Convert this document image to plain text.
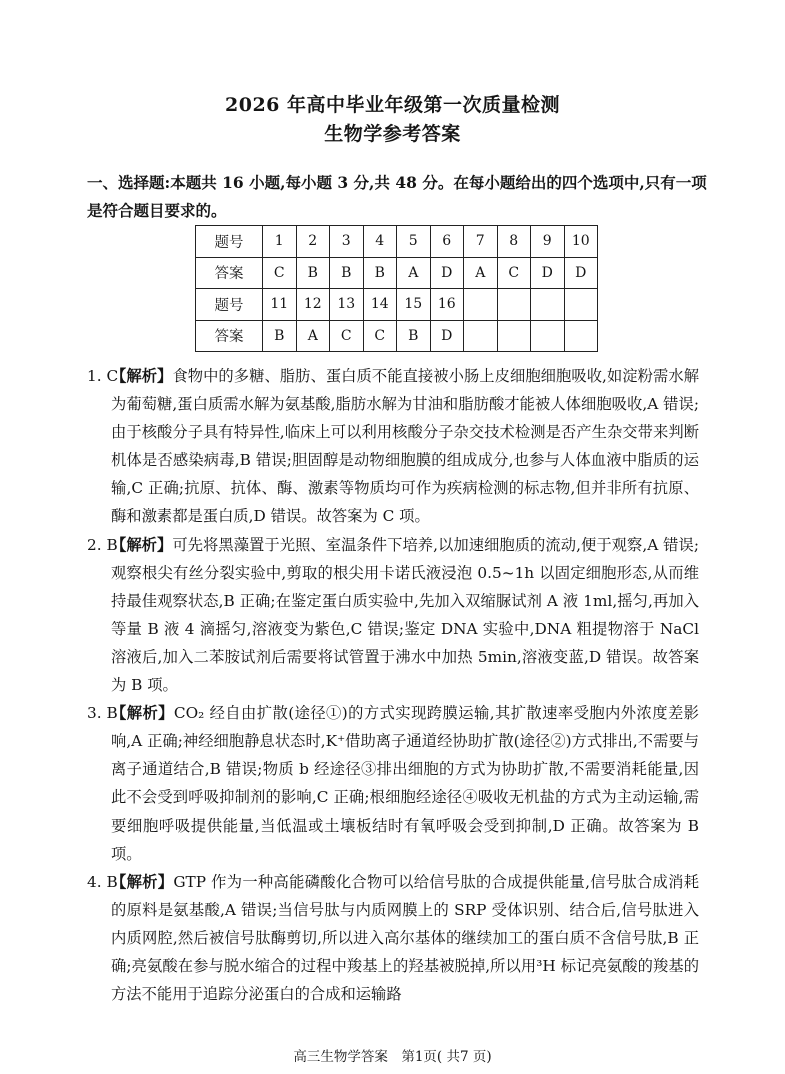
2026 年高中毕业年级第一次质量检测
生物学参考答案
一、选择题:本题共 16 小题,每小题 3 分,共 48 分。在每小题给出的四个选项中,只有一项是符合题目要求的。
题号	1	2	3	4	5	6	7	8	9	10
答案	C	B	B	B	A	D	A	C	D	D
题号	11	12	13	14	15	16				
答案	B	A	C	C	B	D				
1. C
【解析】食物中的多糖、脂肪、蛋白质不能直接被小肠上皮细胞细胞吸收,如淀粉需水解为葡萄糖,蛋白质需水解为氨基酸,脂肪水解为甘油和脂肪酸才能被人体细胞吸收,A 错误;由于核酸分子具有特异性,临床上可以利用核酸分子杂交技术检测是否产生杂交带来判断机体是否感染病毒,B 错误;胆固醇是动物细胞膜的组成成分,也参与人体血液中脂质的运输,C 正确;抗原、抗体、酶、激素等物质均可作为疾病检测的标志物,但并非所有抗原、酶和激素都是蛋白质,D 错误。故答案为 C 项。
2. B
【解析】可先将黑藻置于光照、室温条件下培养,以加速细胞质的流动,便于观察,A 错误;观察根尖有丝分裂实验中,剪取的根尖用卡诺氏液浸泡 0.5~1h 以固定细胞形态,从而维持最佳观察状态,B 正确;在鉴定蛋白质实验中,先加入双缩脲试剂 A 液 1ml,摇匀,再加入等量 B 液 4 滴摇匀,溶液变为紫色,C 错误;鉴定 DNA 实验中,DNA 粗提物溶于 NaCl 溶液后,加入二苯胺试剂后需要将试管置于沸水中加热 5min,溶液变蓝,D 错误。故答案为 B 项。
3. B
【解析】CO₂ 经自由扩散(途径①)的方式实现跨膜运输,其扩散速率受胞内外浓度差影响,A 正确;神经细胞静息状态时,K⁺借助离子通道经协助扩散(途径②)方式排出,不需要与离子通道结合,B 错误;物质 b 经途径③排出细胞的方式为协助扩散,不需要消耗能量,因此不会受到呼吸抑制剂的影响,C 正确;根细胞经途径④吸收无机盐的方式为主动运输,需要细胞呼吸提供能量,当低温或土壤板结时有氧呼吸会受到抑制,D 正确。故答案为 B 项。
4. B
【解析】GTP 作为一种高能磷酸化合物可以给信号肽的合成提供能量,信号肽合成消耗的原料是氨基酸,A 错误;当信号肽与内质网膜上的 SRP 受体识别、结合后,信号肽进入内质网腔,然后被信号肽酶剪切,所以进入高尔基体的继续加工的蛋白质不含信号肽,B 正确;亮氨酸在参与脱水缩合的过程中羧基上的羟基被脱掉,所以用³H 标记亮氨酸的羧基的方法不能用于追踪分泌蛋白的合成和运输路
高三生物学答案　第1页( 共7 页)
